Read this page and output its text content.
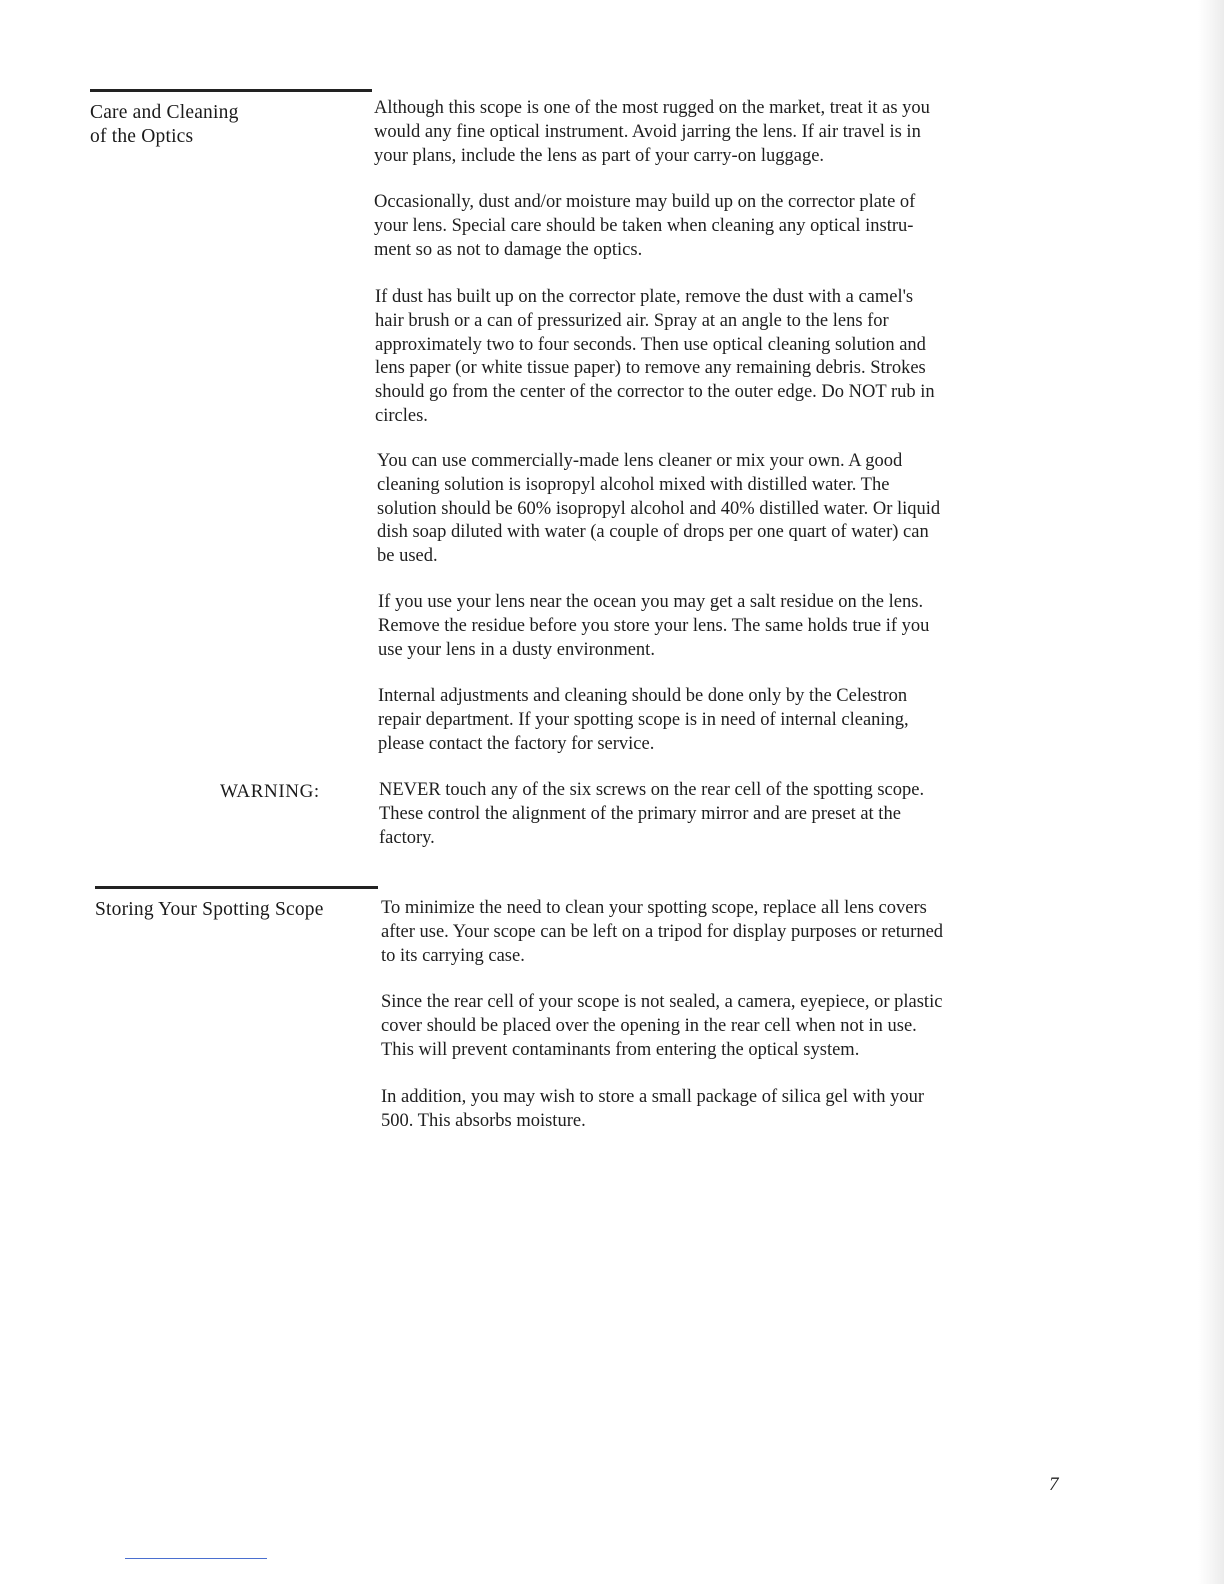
Care and Cleaning
of the Optics

Although this scope is one of the most rugged on the market, treat it as you
would any fine optical instrument. Avoid jarring the lens. If air travel is in
your plans, include the lens as part of your carry-on luggage.

Occasionally, dust and/or moisture may build up on the corrector plate of
your lens. Special care should be taken when cleaning any optical instru-
ment so as not to damage the optics.

If dust has built up on the corrector plate, remove the dust with a camel's
hair brush or a can of pressurized air. Spray at an angle to the lens for
approximately two to four seconds. Then use optical cleaning solution and
lens paper (or white tissue paper) to remove any remaining debris. Strokes
should go from the center of the corrector to the outer edge. Do NOT rub in
circles.

You can use commercially-made lens cleaner or mix your own. A good
cleaning solution is isopropyl alcohol mixed with distilled water. The
solution should be 60% isopropyl alcohol and 40% distilled water. Or liquid
dish soap diluted with water (a couple of drops per one quart of water) can
be used.

If you use your lens near the ocean you may get a salt residue on the lens.
Remove the residue before you store your lens. The same holds true if you
use your lens in a dusty environment.

Internal adjustments and cleaning should be done only by the Celestron
repair department. If your spotting scope is in need of internal cleaning,
please contact the factory for service.

WARNING:	NEVER touch any of the six screws on the rear cell of the spotting scope.
These control the alignment of the primary mirror and are preset at the
factory.

Storing Your Spotting Scope	To minimize the need to clean your spotting scope, replace all lens covers
after use. Your scope can be left on a tripod for display purposes or returned
to its carrying case.

Since the rear cell of your scope is not sealed, a camera, eyepiece, or plastic
cover should be placed over the opening in the rear cell when not in use.
This will prevent contaminants from entering the optical system.

In addition, you may wish to store a small package of silica gel with your
500. This absorbs moisture.

7
